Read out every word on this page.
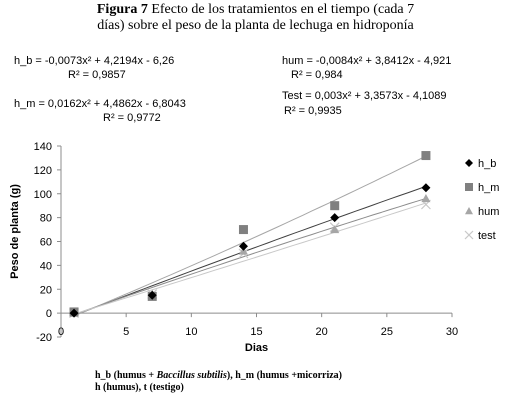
Figura 7 Efecto de los tratamientos en el tiempo (cada 7
días) sobre el peso de la planta de lechuga en hidroponía
h_b = -0,0073x² + 4,2194x - 6,26
R² = 0,9857
h_m = 0,0162x² + 4,4862x - 6,8043
R² = 0,9772
hum = -0,0084x² + 3,8412x - 4,921
R² = 0,984
Test = 0,003x² + 3,3573x - 4,1089
R² = 0,9935
-20
0
20
40
60
80
100
120
140
0	5	10	15	20	25	30
Dias
Peso de planta (g)
h_b
h_m
hum
test
h_b (humus + Baccillus subtilis), h_m (humus +micorriza)
h (humus), t (testigo)
